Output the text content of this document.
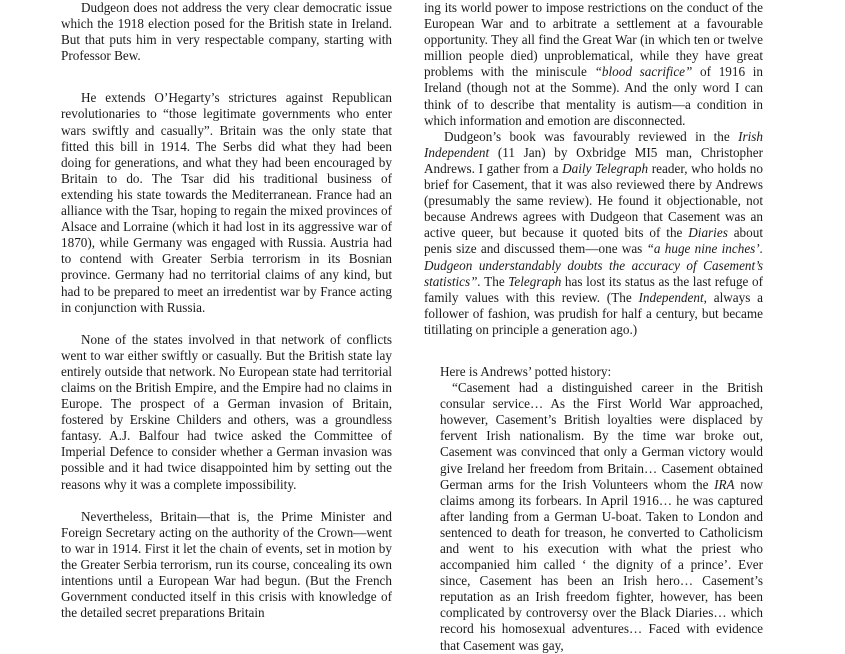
Dudgeon does not address the very clear democratic issue which the 1918 election posed for the British state in Ireland. But that puts him in very respectable company, starting with Professor Bew.

He extends O’Hegarty’s strictures against Republican revolutionaries to “those legitimate governments who enter wars swiftly and casually”. Britain was the only state that fitted this bill in 1914. The Serbs did what they had been doing for generations, and what they had been encouraged by Britain to do. The Tsar did his traditional business of extending his state towards the Mediterranean. France had an alliance with the Tsar, hoping to regain the mixed provinces of Alsace and Lorraine (which it had lost in its aggressive war of 1870), while Germany was engaged with Russia. Austria had to contend with Greater Serbia terrorism in its Bosnian province. Germany had no territorial claims of any kind, but had to be prepared to meet an irredentist war by France acting in conjunction with Russia.

None of the states involved in that network of conflicts went to war either swiftly or casually. But the British state lay entirely outside that network. No European state had territorial claims on the British Empire, and the Empire had no claims in Europe. The prospect of a German invasion of Britain, fostered by Erskine Childers and others, was a groundless fantasy. A.J. Balfour had twice asked the Committee of Imperial Defence to consider whether a German invasion was possible and it had twice disappointed him by setting out the reasons why it was a complete impossibility.

Nevertheless, Britain—that is, the Prime Minister and Foreign Secretary acting on the authority of the Crown—went to war in 1914. First it let the chain of events, set in motion by the Greater Serbia terrorism, run its course, concealing its own intentions until a European War had begun. (But the French Government conducted itself in this crisis with knowledge of the detailed secret preparations Britain

ing its world power to impose restrictions on the conduct of the European War and to arbitrate a settlement at a favourable opportunity. They all find the Great War (in which ten or twelve million people died) unproblematical, while they have great problems with the miniscule “blood sacrifice” of 1916 in Ireland (though not at the Somme). And the only word I can think of to describe that mentality is autism—a condition in which information and emotion are disconnected.

Dudgeon’s book was favourably reviewed in the Irish Independent (11 Jan) by Oxbridge MI5 man, Christopher Andrews. I gather from a Daily Telegraph reader, who holds no brief for Casement, that it was also reviewed there by Andrews (presumably the same review). He found it objectionable, not because Andrews agrees with Dudgeon that Casement was an active queer, but because it quoted bits of the Diaries about penis size and discussed them—one was “a huge nine inches’. Dudgeon understandably doubts the accuracy of Casement’s statistics”. The Telegraph has lost its status as the last refuge of family values with this review. (The Independent, always a follower of fashion, was prudish for half a century, but became titillating on principle a generation ago.)

Here is Andrews’ potted history:

“Casement had a distinguished career in the British consular service… As the First World War approached, however, Casement’s British loyalties were displaced by fervent Irish nationalism. By the time war broke out, Casement was convinced that only a German victory would give Ireland her freedom from Britain… Casement obtained German arms for the Irish Volunteers whom the IRA now claims among its forbears. In April 1916… he was captured after landing from a German U-boat. Taken to London and sentenced to death for treason, he converted to Catholicism and went to his execution with what the priest who accompanied him called ‘ the dignity of a prince’. Ever since, Casement has been an Irish hero… Casement’s reputation as an Irish freedom fighter, however, has been complicated by controversy over the Black Diaries… which record his homosexual adventures… Faced with evidence that Casement was gay,
